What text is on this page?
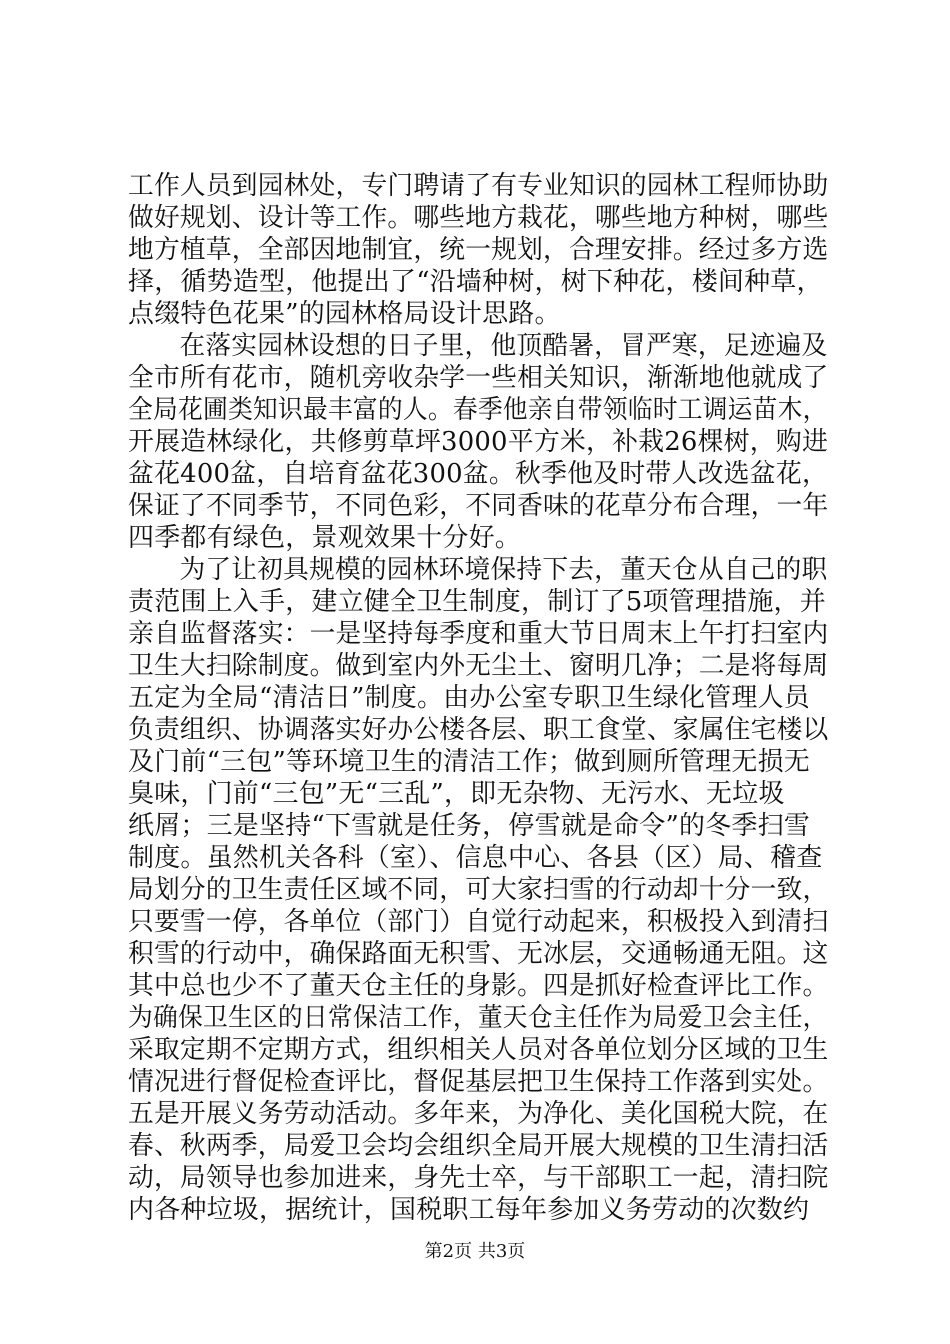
工作人员到园林处，专门聘请了有专业知识的园林工程师协助
做好规划、设计等工作。哪些地方栽花，哪些地方种树，哪些
地方植草，全部因地制宜，统一规划，合理安排。经过多方选
择，循势造型，他提出了“沿墙种树，树下种花，楼间种草，
点缀特色花果”的园林格局设计思路。
在落实园林设想的日子里，他顶酷暑，冒严寒，足迹遍及
全市所有花市，随机旁收杂学一些相关知识，渐渐地他就成了
全局花圃类知识最丰富的人。春季他亲自带领临时工调运苗木，
开展造林绿化，共修剪草坪3000平方米，补栽26棵树，购进
盆花400盆，自培育盆花300盆。秋季他及时带人改选盆花，
保证了不同季节，不同色彩，不同香味的花草分布合理，一年
四季都有绿色，景观效果十分好。
为了让初具规模的园林环境保持下去，董天仓从自己的职
责范围上入手，建立健全卫生制度，制订了5项管理措施，并
亲自监督落实：一是坚持每季度和重大节日周末上午打扫室内
卫生大扫除制度。做到室内外无尘土、窗明几净；二是将每周
五定为全局“清洁日”制度。由办公室专职卫生绿化管理人员
负责组织、协调落实好办公楼各层、职工食堂、家属住宅楼以
及门前“三包”等环境卫生的清洁工作；做到厕所管理无损无
臭味，门前“三包”无“三乱”，即无杂物、无污水、无垃圾
纸屑；三是坚持“下雪就是任务，停雪就是命令”的冬季扫雪
制度。虽然机关各科（室）、信息中心、各县（区）局、稽查
局划分的卫生责任区域不同，可大家扫雪的行动却十分一致，
只要雪一停，各单位（部门）自觉行动起来，积极投入到清扫
积雪的行动中，确保路面无积雪、无冰层，交通畅通无阻。这
其中总也少不了董天仓主任的身影。四是抓好检查评比工作。
为确保卫生区的日常保洁工作，董天仓主任作为局爱卫会主任，
采取定期不定期方式，组织相关人员对各单位划分区域的卫生
情况进行督促检查评比，督促基层把卫生保持工作落到实处。
五是开展义务劳动活动。多年来，为净化、美化国税大院，在
春、秋两季，局爱卫会均会组织全局开展大规模的卫生清扫活
动，局领导也参加进来，身先士卒，与干部职工一起，清扫院
内各种垃圾，据统计，国税职工每年参加义务劳动的次数约
第2页 共3页
